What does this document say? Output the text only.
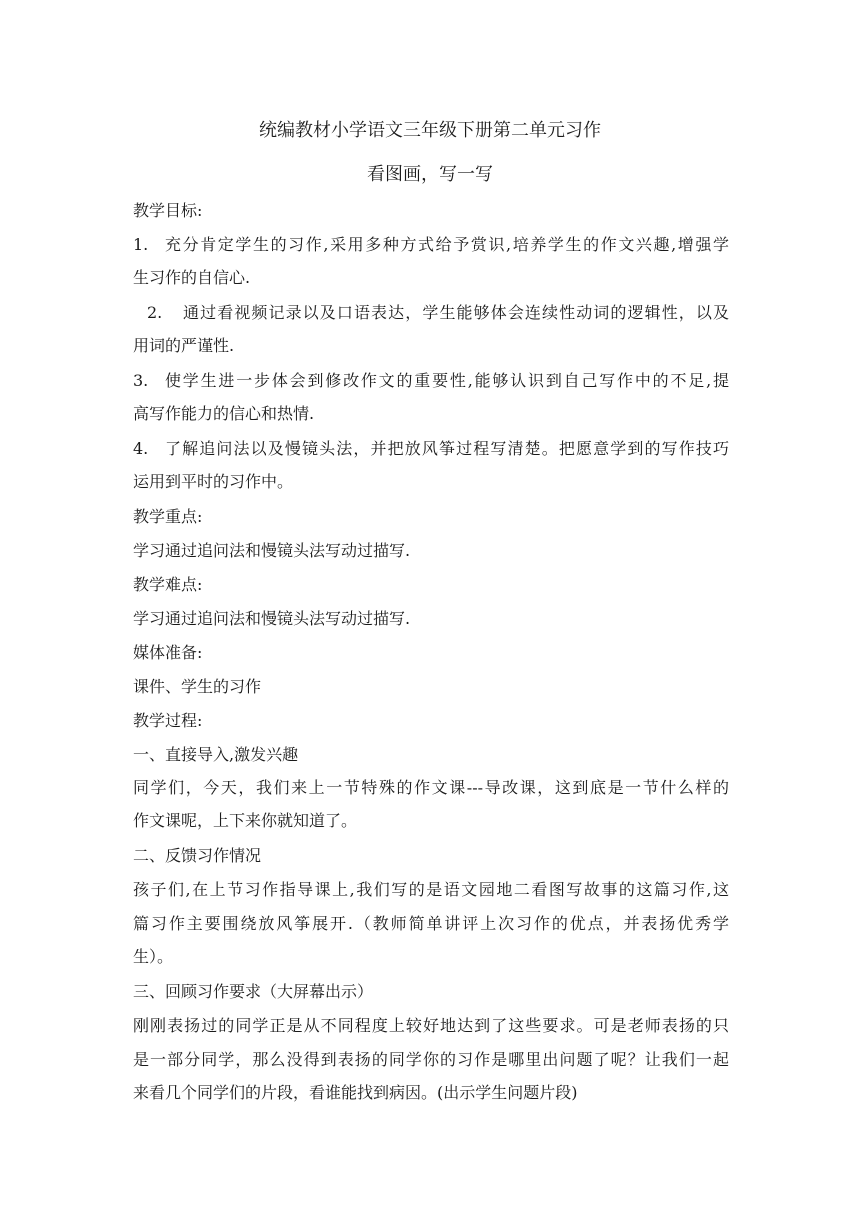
统编教材小学语文三年级下册第二单元习作
看图画，写一写

教学目标:

1. 充分肯定学生的习作,采用多种方式给予赏识,培养学生的作文兴趣,增强学

生习作的自信心.

2. 通过看视频记录以及口语表达，学生能够体会连续性动词的逻辑性，以及

用词的严谨性.

3. 使学生进一步体会到修改作文的重要性,能够认识到自己写作中的不足,提

高写作能力的信心和热情.

4. 了解追问法以及慢镜头法，并把放风筝过程写清楚。把愿意学到的写作技巧

运用到平时的习作中。

教学重点:

学习通过追问法和慢镜头法写动过描写.

教学难点:

学习通过追问法和慢镜头法写动过描写.

媒体准备:

课件、学生的习作

教学过程:

一、直接导入,激发兴趣

同学们，今天，我们来上一节特殊的作文课---导改课，这到底是一节什么样的

作文课呢，上下来你就知道了。

二、反馈习作情况

孩子们,在上节习作指导课上,我们写的是语文园地二看图写故事的这篇习作,这

篇习作主要围绕放风筝展开.（教师简单讲评上次习作的优点，并表扬优秀学

生）。

三、回顾习作要求（大屏幕出示）

刚刚表扬过的同学正是从不同程度上较好地达到了这些要求。可是老师表扬的只

是一部分同学，那么没得到表扬的同学你的习作是哪里出问题了呢？让我们一起

来看几个同学们的片段，看谁能找到病因。(出示学生问题片段)
